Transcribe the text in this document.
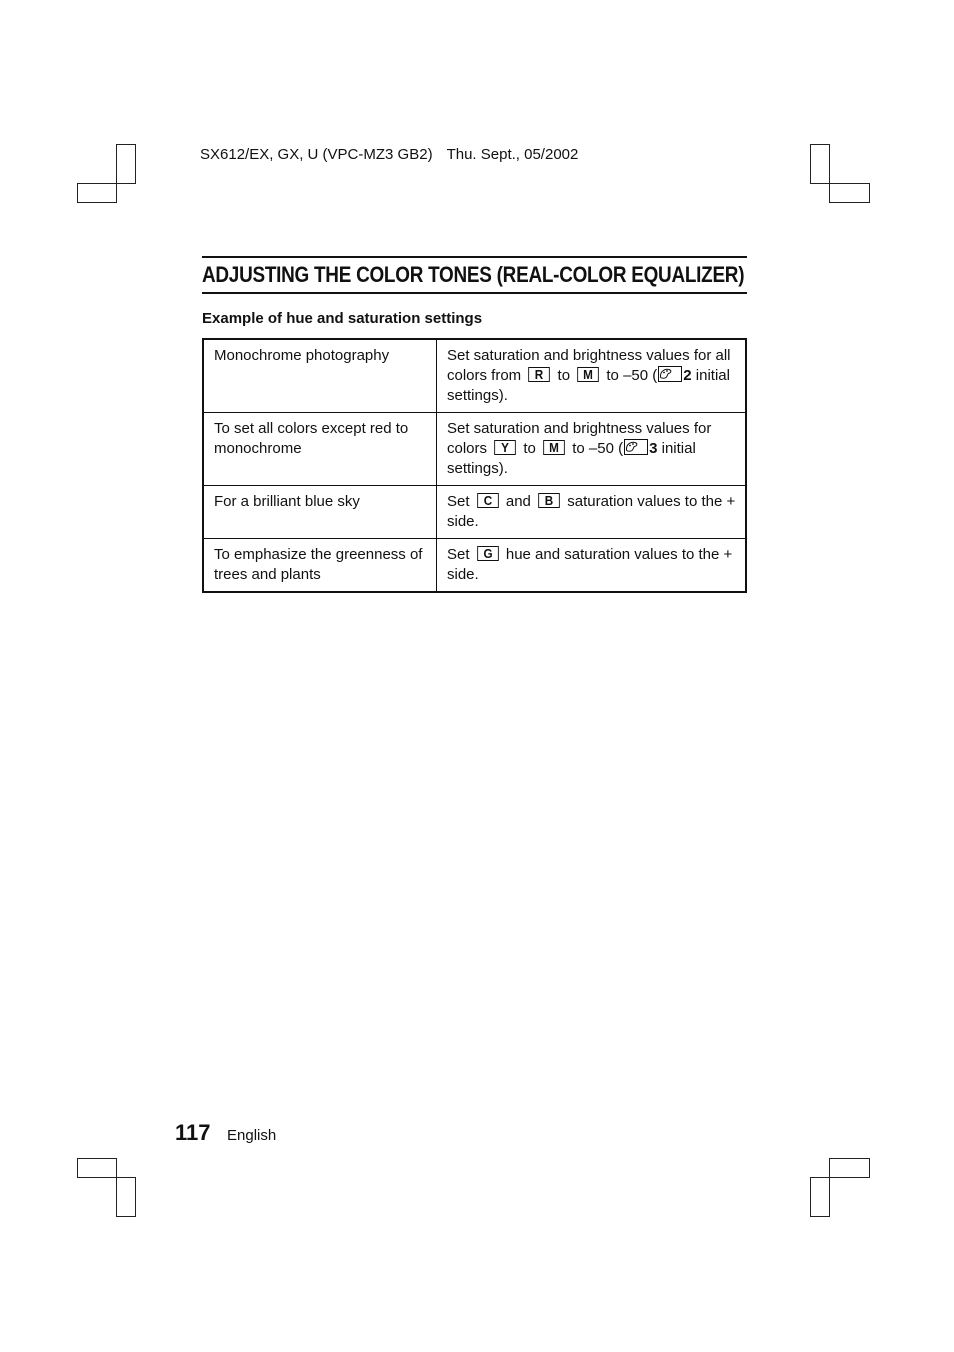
SX612/EX, GX, U (VPC-MZ3 GB2) Thu. Sept., 05/2002
ADJUSTING THE COLOR TONES (REAL-COLOR EQUALIZER)
Example of hue and saturation settings
Monochrome photography	Set saturation and brightness values for all colors from R to M to –50 ( 2 initial settings).
To set all colors except red to monochrome	Set saturation and brightness values for colors Y to M to –50 ( 3 initial settings).
For a brilliant blue sky	Set C and B saturation values to the + side.
To emphasize the greenness of trees and plants	Set G hue and saturation values to the + side.
117 English
